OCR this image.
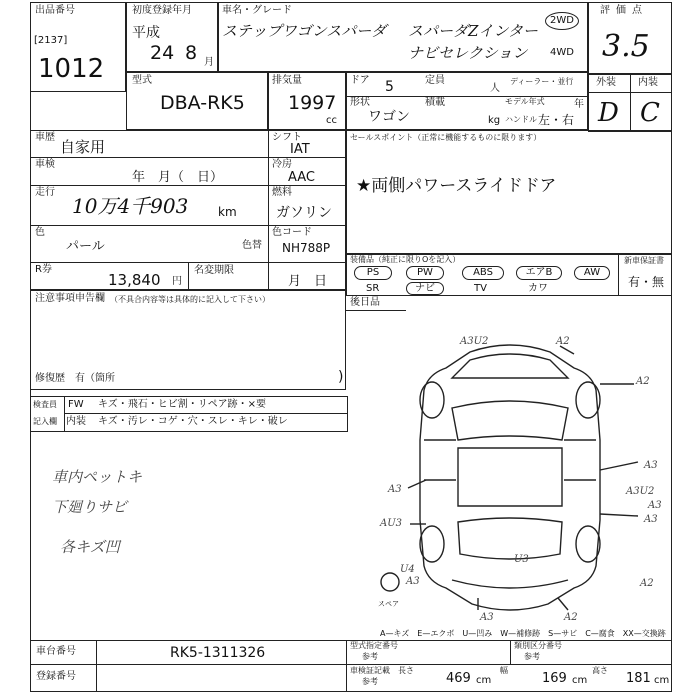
出品番号
[2137]
1012
初度登録年月
平成
24 8 月
車名・グレード
ステップワゴンスパーダ スパーダZインター
ナビセレクション
2WD
4WD
評価点
3.5
外装 内装
D C
型式
DBA-RK5
排気量
1997
cc
ドア 5	定員
人
ディーラー・並行
形状
ワゴン
積載
kg
モデル年式	年
ハンドル 左・右
車歴
自家用
車検
年　月（　日）
走行
10万4千903 km
色
パール	色替
R券
13,840 円
名変期限
月　日
シフト
IAT
冷房
AAC
燃料
ガソリン
色コード
NH788P
セールスポイント（正常に機能するものに限ります）
★両側パワースライドドア
装備品（純正に限りOを記入）
PS	PW	ABS	エアB	AW
SR	ナビ	TV	カワ
新車保証書
有・無
注意事項申告欄 （不具合内容等は具体的に記入して下さい）
修復歴　有（箇所	)
後日品
検査員
記入欄
FW キズ・飛石・ヒビ割・リペア跡・×要
内装 キズ・汚レ・コゲ・穴・スレ・キレ・破レ
車内ペットキ
下廻りサビ
各キズ凹
A3U2	A2
A2
A3
A3	A3U2
A3
A3
AU3
A2
U3
U4
A3
A3	A2
スペア
A—キズ　E—エクボ　U—凹み　W—補修跡　S—サビ　C—腐食　XX—交換跡
車台番号	RK5-1311326
登録番号
型式指定番号
参考
類別区分番号
参考
車検証記載
参考
長さ
469 cm
幅
169 cm
高さ
181 cm
